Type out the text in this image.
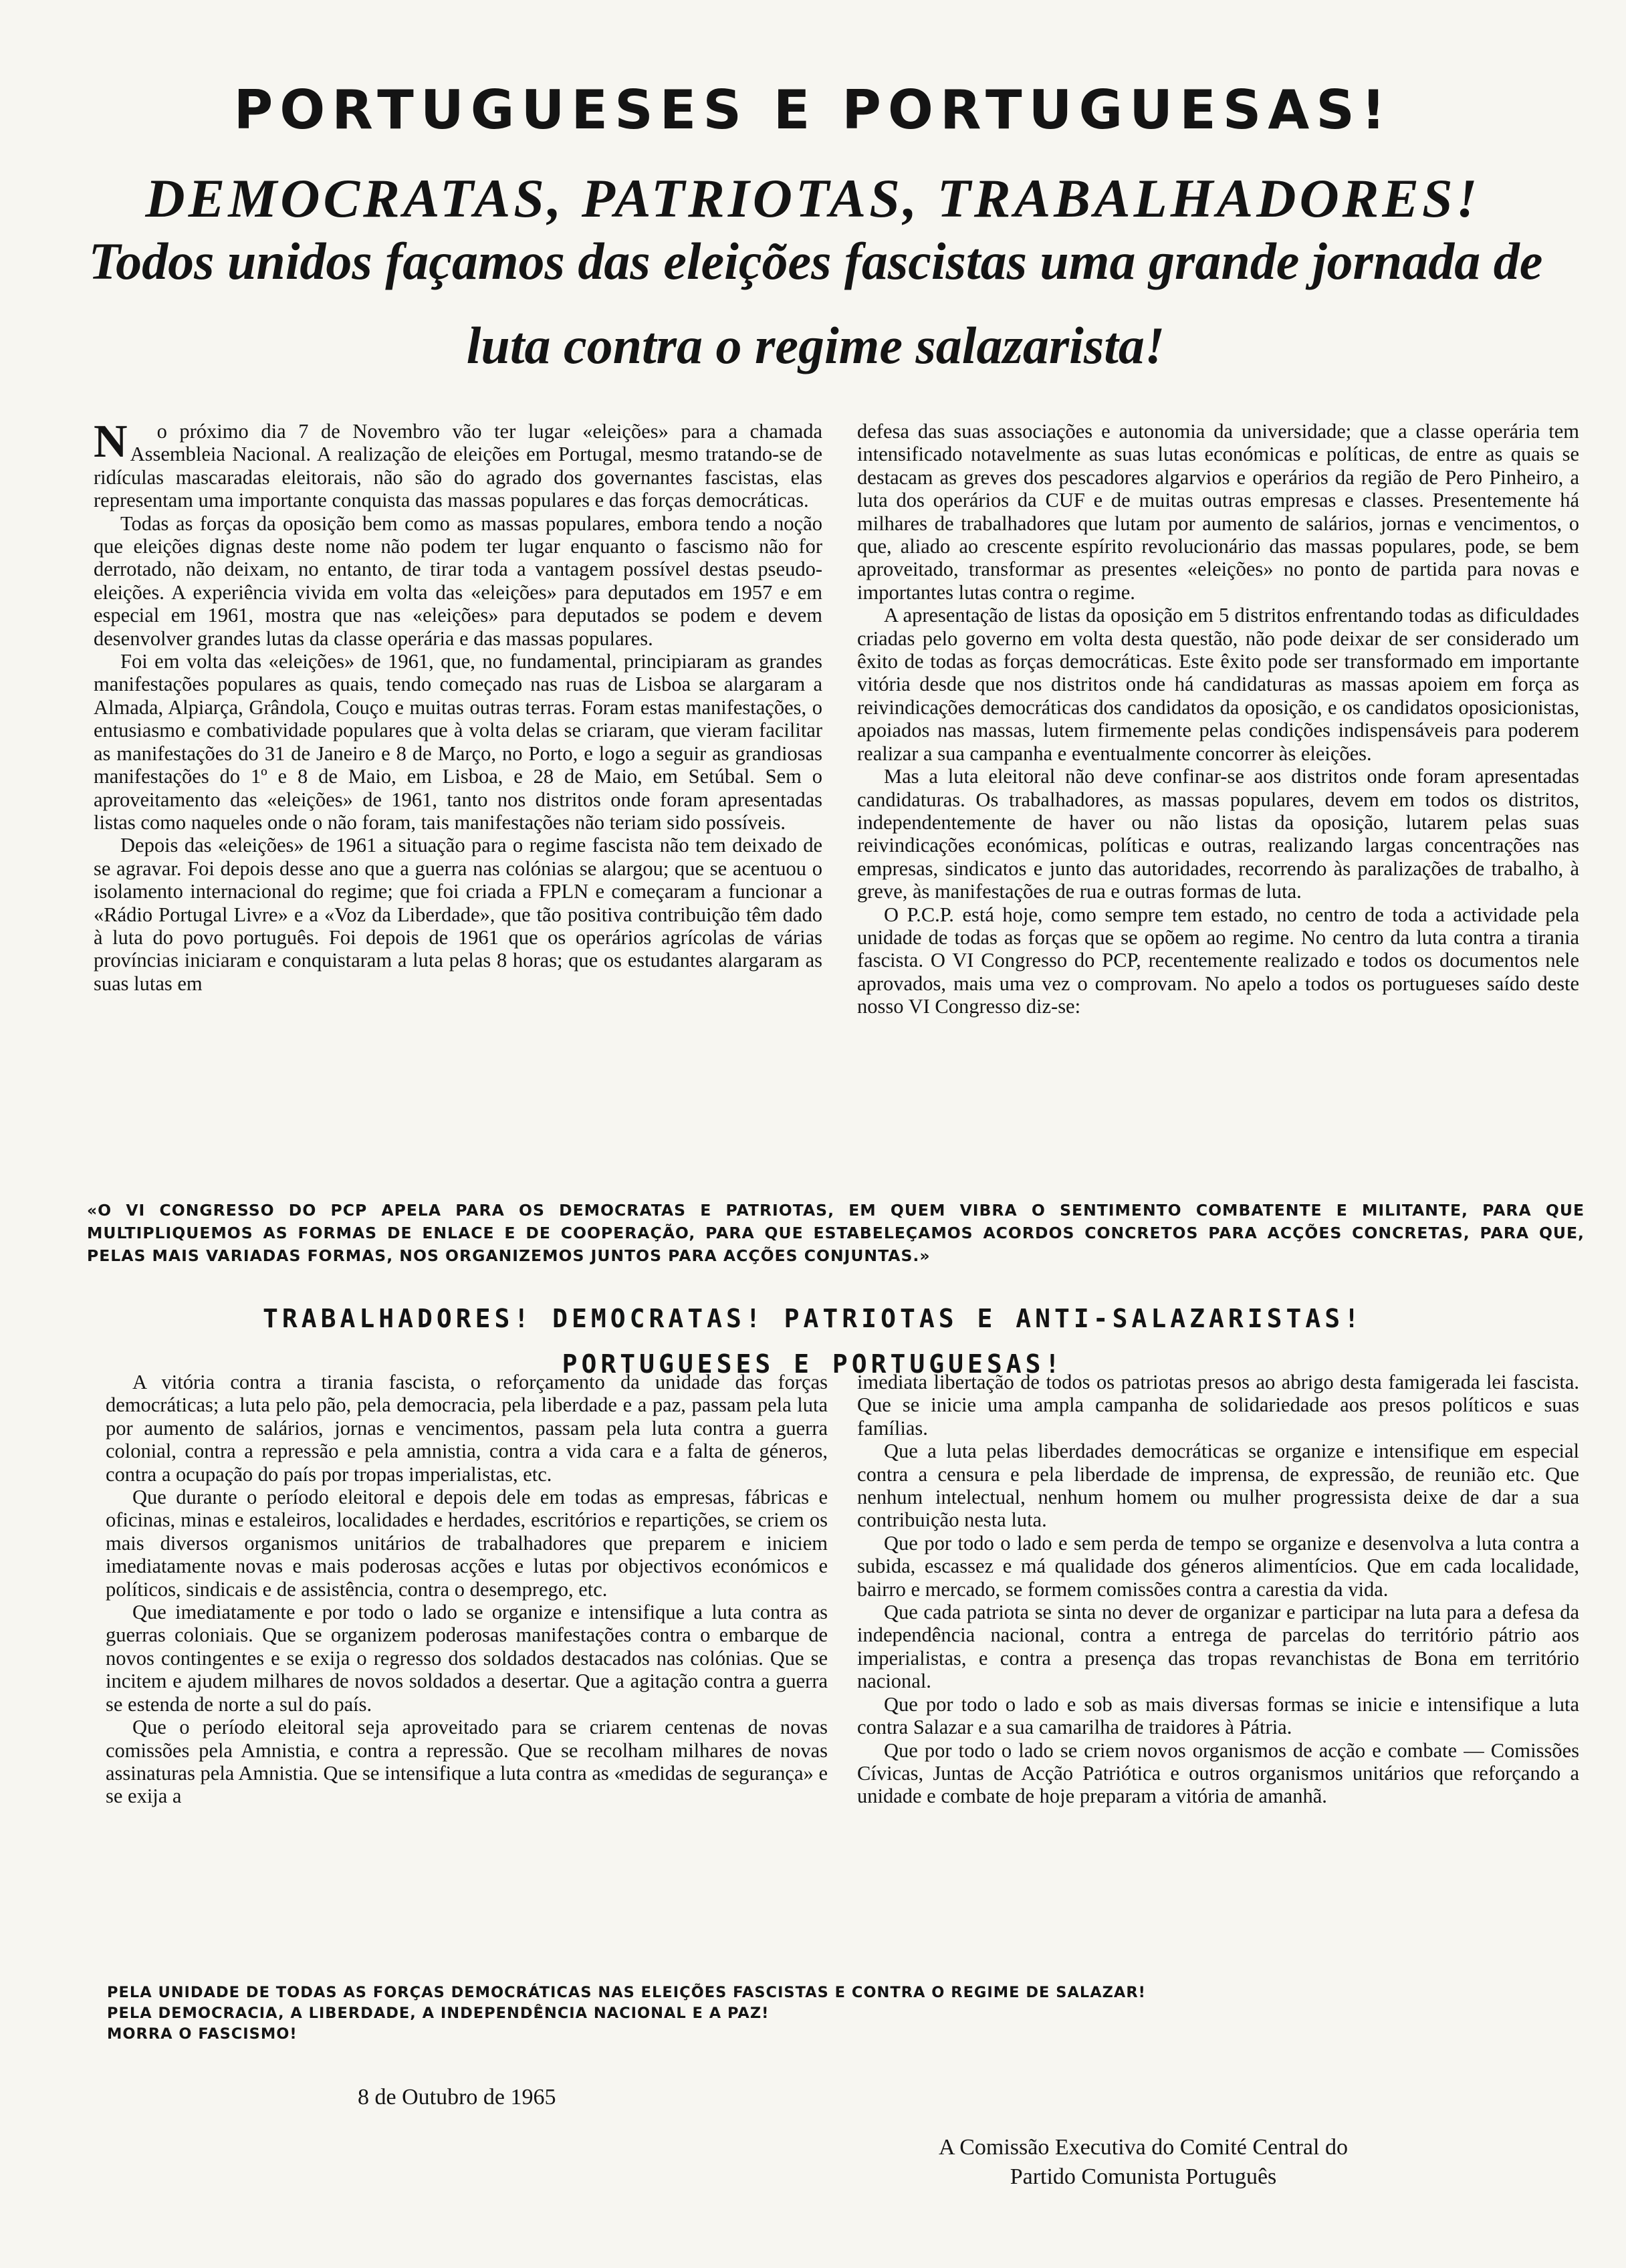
PORTUGUESES E PORTUGUESAS!
DEMOCRATAS, PATRIOTAS, TRABALHADORES!
Todos unidos façamos das eleições fascistas uma grande jornada de luta contra o regime salazarista!

N o próximo dia 7 de Novembro vão ter lugar «eleições» para a chamada Assembleia Nacional. A realização de eleições em Portugal, mesmo tratando-se de ridículas mascaradas eleitorais, não são do agrado dos governantes fascistas, elas representam uma importante conquista das massas populares e das forças democráticas.

Todas as forças da oposição bem como as massas populares, embora tendo a noção que eleições dignas deste nome não podem ter lugar enquanto o fascismo não for derrotado, não deixam, no entanto, de tirar toda a vantagem possível destas pseudo-eleições. A experiência vivida em volta das «eleições» para deputados em 1957 e em especial em 1961, mostra que nas «eleições» para deputados se podem e devem desenvolver grandes lutas da classe operária e das massas populares.

Foi em volta das «eleições» de 1961, que, no fundamental, principiaram as grandes manifestações populares as quais, tendo começado nas ruas de Lisboa se alargaram a Almada, Alpiarça, Grândola, Couço e muitas outras terras. Foram estas manifestações, o entusiasmo e combatividade populares que à volta delas se criaram, que vieram facilitar as manifestações do 31 de Janeiro e 8 de Março, no Porto, e logo a seguir as grandiosas manifestações do 1º e 8 de Maio, em Lisboa, e 28 de Maio, em Setúbal. Sem o aproveitamento das «eleições» de 1961, tanto nos distritos onde foram apresentadas listas como naqueles onde o não foram, tais manifestações não teriam sido possíveis.

Depois das «eleições» de 1961 a situação para o regime fascista não tem deixado de se agravar. Foi depois desse ano que a guerra nas colónias se alargou; que se acentuou o isolamento internacional do regime; que foi criada a FPLN e começaram a funcionar a «Rádio Portugal Livre» e a «Voz da Liberdade», que tão positiva contribuição têm dado à luta do povo português. Foi depois de 1961 que os operários agrícolas de várias províncias iniciaram e conquistaram a luta pelas 8 horas; que os estudantes alargaram as suas lutas em

defesa das suas associações e autonomia da universidade; que a classe operária tem intensificado notavelmente as suas lutas económicas e políticas, de entre as quais se destacam as greves dos pescadores algarvios e operários da região de Pero Pinheiro, a luta dos operários da CUF e de muitas outras empresas e classes. Presentemente há milhares de trabalhadores que lutam por aumento de salários, jornas e vencimentos, o que, aliado ao crescente espírito revolucionário das massas populares, pode, se bem aproveitado, transformar as presentes «eleições» no ponto de partida para novas e importantes lutas contra o regime.

A apresentação de listas da oposição em 5 distritos enfrentando todas as dificuldades criadas pelo governo em volta desta questão, não pode deixar de ser considerado um êxito de todas as forças democráticas. Este êxito pode ser transformado em importante vitória desde que nos distritos onde há candidaturas as massas apoiem em força as reivindicações democráticas dos candidatos da oposição, e os candidatos oposicionistas, apoiados nas massas, lutem firmemente pelas condições indispensáveis para poderem realizar a sua campanha e eventualmente concorrer às eleições.

Mas a luta eleitoral não deve confinar-se aos distritos onde foram apresentadas candidaturas. Os trabalhadores, as massas populares, devem em todos os distritos, independentemente de haver ou não listas da oposição, lutarem pelas suas reivindicações económicas, políticas e outras, realizando largas concentrações nas empresas, sindicatos e junto das autoridades, recorrendo às paralizações de trabalho, à greve, às manifestações de rua e outras formas de luta.

O P.C.P. está hoje, como sempre tem estado, no centro de toda a actividade pela unidade de todas as forças que se opõem ao regime. No centro da luta contra a tirania fascista. O VI Congresso do PCP, recentemente realizado e todos os documentos nele aprovados, mais uma vez o comprovam. No apelo a todos os portugueses saído deste nosso VI Congresso diz-se:

«O VI CONGRESSO DO PCP APELA PARA OS DEMOCRATAS E PATRIOTAS, EM QUEM VIBRA O SENTIMENTO COMBATENTE E MILITANTE, PARA QUE MULTIPLIQUEMOS AS FORMAS DE ENLACE E DE COOPERAÇÃO, PARA QUE ESTABELEÇAMOS ACORDOS CONCRETOS PARA ACÇÕES CONCRETAS, PARA QUE, PELAS MAIS VARIADAS FORMAS, NOS ORGANIZEMOS JUNTOS PARA ACÇÕES CONJUNTAS.»
TRABALHADORES! DEMOCRATAS! PATRIOTAS E ANTI-SALAZARISTAS!
PORTUGUESES E PORTUGUESAS!

A vitória contra a tirania fascista, o reforçamento da unidade das forças democráticas; a luta pelo pão, pela democracia, pela liberdade e a paz, passam pela luta por aumento de salários, jornas e vencimentos, passam pela luta contra a guerra colonial, contra a repressão e pela amnistia, contra a vida cara e a falta de géneros, contra a ocupação do país por tropas imperialistas, etc.

Que durante o período eleitoral e depois dele em todas as empresas, fábricas e oficinas, minas e estaleiros, localidades e herdades, escritórios e repartições, se criem os mais diversos organismos unitários de trabalhadores que preparem e iniciem imediatamente novas e mais poderosas acções e lutas por objectivos económicos e políticos, sindicais e de assistência, contra o desemprego, etc.

Que imediatamente e por todo o lado se organize e intensifique a luta contra as guerras coloniais. Que se organizem poderosas manifestações contra o embarque de novos contingentes e se exija o regresso dos soldados destacados nas colónias. Que se incitem e ajudem milhares de novos soldados a desertar. Que a agitação contra a guerra se estenda de norte a sul do país.

Que o período eleitoral seja aproveitado para se criarem centenas de novas comissões pela Amnistia, e contra a repressão. Que se recolham milhares de novas assinaturas pela Amnistia. Que se intensifique a luta contra as «medidas de segurança» e se exija a

imediata libertação de todos os patriotas presos ao abrigo desta famigerada lei fascista. Que se inicie uma ampla campanha de solidariedade aos presos políticos e suas famílias.

Que a luta pelas liberdades democráticas se organize e intensifique em especial contra a censura e pela liberdade de imprensa, de expressão, de reunião etc. Que nenhum intelectual, nenhum homem ou mulher progressista deixe de dar a sua contribuição nesta luta.

Que por todo o lado e sem perda de tempo se organize e desenvolva a luta contra a subida, escassez e má qualidade dos géneros alimentícios. Que em cada localidade, bairro e mercado, se formem comissões contra a carestia da vida.

Que cada patriota se sinta no dever de organizar e participar na luta para a defesa da independência nacional, contra a entrega de parcelas do território pátrio aos imperialistas, e contra a presença das tropas revanchistas de Bona em território nacional.

Que por todo o lado e sob as mais diversas formas se inicie e intensifique a luta contra Salazar e a sua camarilha de traidores à Pátria.

Que por todo o lado se criem novos organismos de acção e combate — Comissões Cívicas, Juntas de Acção Patriótica e outros organismos unitários que reforçando a unidade e combate de hoje preparam a vitória de amanhã.

PELA UNIDADE DE TODAS AS FORÇAS DEMOCRÁTICAS NAS ELEIÇÕES FASCISTAS E CONTRA O REGIME DE SALAZAR!
PELA DEMOCRACIA, A LIBERDADE, A INDEPENDÊNCIA NACIONAL E A PAZ!
MORRA O FASCISMO!
8 de Outubro de 1965
A Comissão Executiva do Comité Central do
Partido Comunista Português
